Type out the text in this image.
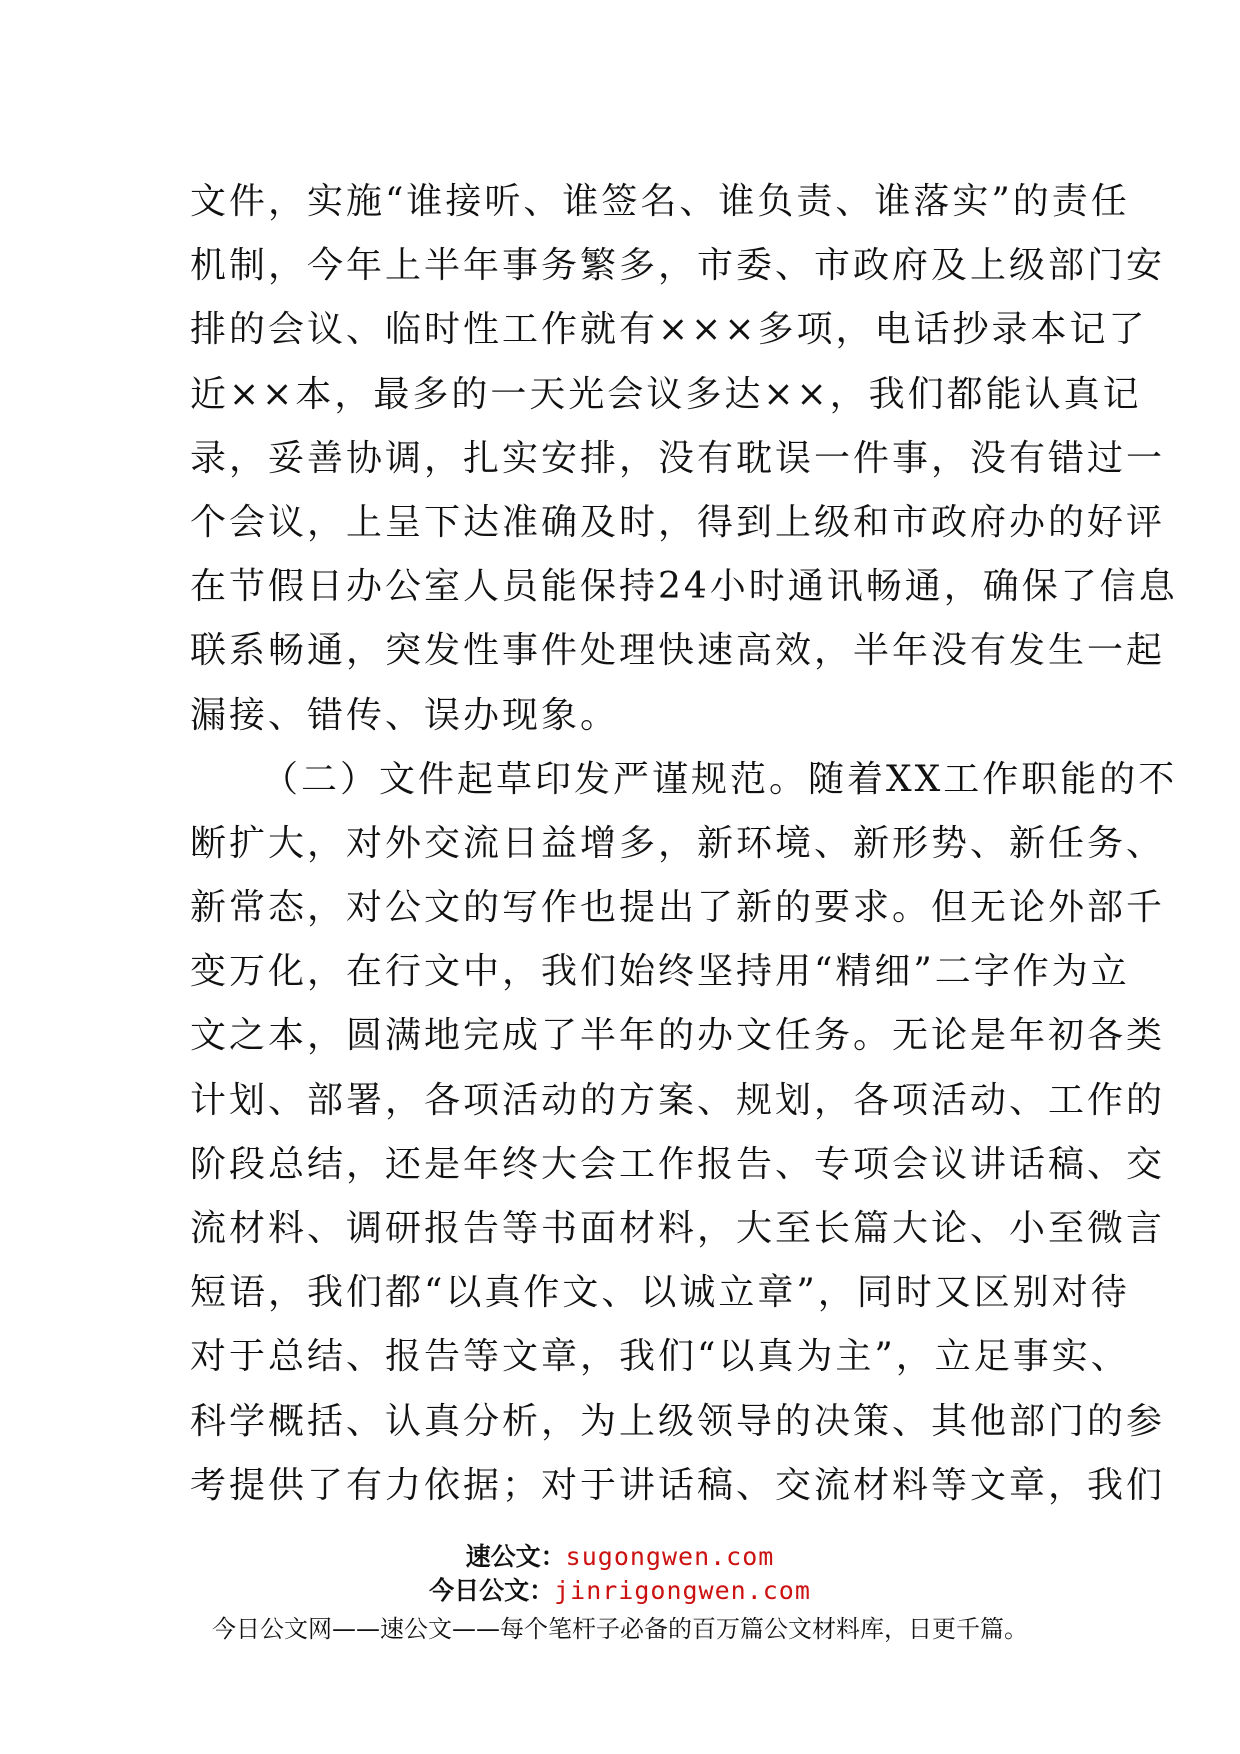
文件，实施“谁接听、谁签名、谁负责、谁落实”的责任
机制，今年上半年事务繁多，市委、市政府及上级部门安
排的会议、临时性工作就有×××多项，电话抄录本记了
近××本，最多的一天光会议多达××，我们都能认真记
录，妥善协调，扎实安排，没有耽误一件事，没有错过一
个会议，上呈下达准确及时，得到上级和市政府办的好评
在节假日办公室人员能保持24小时通讯畅通，确保了信息
联系畅通，突发性事件处理快速高效，半年没有发生一起
漏接、错传、误办现象。
（二）文件起草印发严谨规范。随着XX工作职能的不
断扩大，对外交流日益增多，新环境、新形势、新任务、
新常态，对公文的写作也提出了新的要求。但无论外部千
变万化，在行文中，我们始终坚持用“精细”二字作为立
文之本，圆满地完成了半年的办文任务。无论是年初各类
计划、部署，各项活动的方案、规划，各项活动、工作的
阶段总结，还是年终大会工作报告、专项会议讲话稿、交
流材料、调研报告等书面材料，大至长篇大论、小至微言
短语，我们都“以真作文、以诚立章”，同时又区别对待
对于总结、报告等文章，我们“以真为主”，立足事实、
科学概括、认真分析，为上级领导的决策、其他部门的参
考提供了有力依据；对于讲话稿、交流材料等文章，我们
速公文：sugongwen.com
今日公文：jinrigongwen.com
今日公文网——速公文——每个笔杆子必备的百万篇公文材料库，日更千篇。
